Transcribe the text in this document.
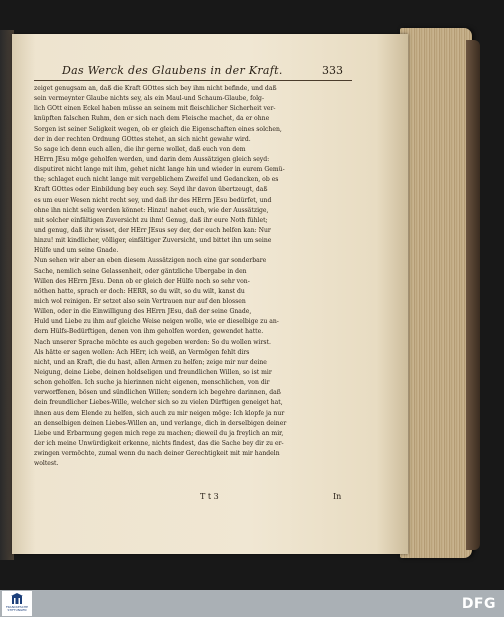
Das Werck des Glaubens in der Kraft.	333
zeiget genugsam an, daß die Kraft GOttes sich bey ihm nicht befinde, und daß
sein vermeynter Glaube nichts sey, als ein Maul-und Schaum-Glaube, folg-
lich GOtt einen Eckel haben müsse an seinem mit fleischlicher Sicherheit ver-
knüpften falschen Ruhm, den er sich nach dem Fleische machet, da er ohne
Sorgen ist seiner Seligkeit wegen, ob er gleich die Eigenschaften eines solchen,
der in der rechten Ordnung GOttes stehet, an sich nicht gewahr wird.
So sage ich denn euch allen, die ihr gerne wollet, daß euch von dem
HErrn JEsu möge geholfen werden, und darin dem Aussätzigen gleich seyd:
disputiret nicht lange mit ihm, gehet nicht lange hin und wieder in eurem Gemü-
the; schlaget euch nicht lange mit vergeblichem Zweifel und Gedancken, ob es
Kraft GOttes oder Einbildung bey euch sey. Seyd ihr davon übertzeugt, daß
es um euer Wesen nicht recht sey, und daß ihr des HErrn JEsu bedürfet, und
ohne ihn nicht selig werden könnet: Hinzu! nahet euch, wie der Aussätzige,
mit solcher einfältigen Zuversicht zu ihm! Genug, daß ihr eure Noth fühlet;
und genug, daß ihr wisset, der HErr JEsus sey der, der euch helfen kan: Nur
hinzu! mit kindlicher, völliger, einfältiger Zuversicht, und bittet ihn um seine
Hülfe und um seine Gnade.
Nun sehen wir aber an eben diesem Aussätzigen noch eine gar sonderbare
Sache, nemlich seine Gelassenheit, oder gäntzliche Ubergabe in den
Willen des HErrn JEsu. Denn ob er gleich der Hülfe noch so sehr von-
nöthen hatte, sprach er doch: HERR, so du wilt, so du wilt, kanst du
mich wol reinigen. Er setzet also sein Vertrauen nur auf den blossen
Willen, oder in die Einwilligung des HErrn JEsu, daß der seine Gnade,
Huld und Liebe zu ihm auf gleiche Weise neigen wolle, wie er dieselbige zu an-
dern Hülfs-Bedürftigen, denen von ihm geholfen worden, gewendet hatte.
Nach unserer Sprache möchte es auch gegeben werden: So du wollen wirst.
Als hätte er sagen wollen: Ach HErr, ich weiß, an Vermögen fehlt dirs
nicht, und an Kraft, die du hast, allen Armen zu helfen; zeige mir nur deine
Neigung, deine Liebe, deinen holdseligen und freundlichen Willen, so ist mir
schon geholfen. Ich suche ja hierinnen nicht eigenen, menschlichen, von dir
verworffenen, bösen und sündlichen Willen; sondern ich begehre darinnen, daß
dein freundlicher Liebes-Wille, welcher sich so zu vielen Dürftigen geneiget hat,
ihnen aus dem Elende zu helfen, sich auch zu mir neigen möge: Ich klopfe ja nur
an denselbigen deinen Liebes-Willen an, und verlange, dich in derselbigen deiner
Liebe und Erbarmung gegen mich rege zu machen; dieweil du ja freylich an mir,
der ich meine Unwürdigkeit erkenne, nichts findest, das die Sache bey dir zu er-
zwingen vermöchte, zumal wenn du nach deiner Gerechtigkeit mit mir handeln
woltest.
T t 3	In
FRANCKESCHE
STIFTUNGEN	DFG
